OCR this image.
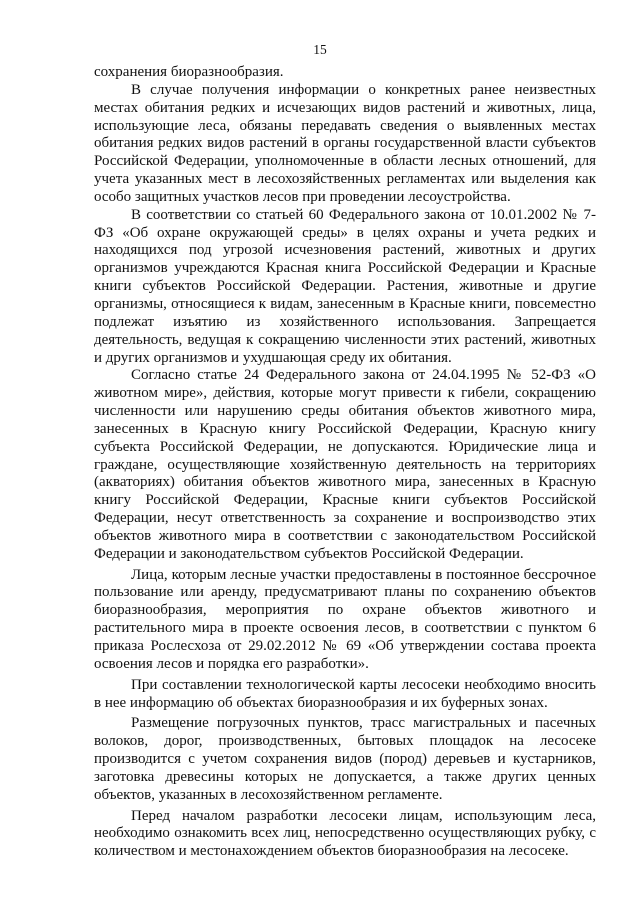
15

сохранения биоразнообразия.

В случае получения информации о конкретных ранее неизвестных местах обитания редких и исчезающих видов растений и животных, лица, использующие леса, обязаны передавать сведения о выявленных местах обитания редких видов растений в органы государственной власти субъектов Российской Федерации, уполномоченные в области лесных отношений, для учета указанных мест в лесохозяйственных регламентах или выделения как особо защитных участков лесов при проведении лесоустройства.

В соответствии со статьей 60 Федерального закона от 10.01.2002 № 7-ФЗ «Об охране окружающей среды» в целях охраны и учета редких и находящихся под угрозой исчезновения растений, животных и других организмов учреждаются Красная книга Российской Федерации и Красные книги субъектов Российской Федерации. Растения, животные и другие организмы, относящиеся к видам, занесенным в Красные книги, повсеместно подлежат изъятию из хозяйственного использования. Запрещается деятельность, ведущая к сокращению численности этих растений, животных и других организмов и ухудшающая среду их обитания.

Согласно статье 24 Федерального закона от 24.04.1995 № 52-ФЗ «О животном мире», действия, которые могут привести к гибели, сокращению численности или нарушению среды обитания объектов животного мира, занесенных в Красную книгу Российской Федерации, Красную книгу субъекта Российской Федерации, не допускаются. Юридические лица и граждане, осуществляющие хозяйственную деятельность на территориях (акваториях) обитания объектов животного мира, занесенных в Красную книгу Российской Федерации, Красные книги субъектов Российской Федерации, несут ответственность за сохранение и воспроизводство этих объектов животного мира в соответствии с законодательством Российской Федерации и законодательством субъектов Российской Федерации.

Лица, которым лесные участки предоставлены в постоянное бессрочное пользование или аренду, предусматривают планы по сохранению объектов биоразнообразия, мероприятия по охране объектов животного и растительного мира в проекте освоения лесов, в соответствии с пунктом 6 приказа Рослесхоза от 29.02.2012 № 69 «Об утверждении состава проекта освоения лесов и порядка его разработки».

При составлении технологической карты лесосеки необходимо вносить в нее информацию об объектах биоразнообразия и их буферных зонах.

Размещение погрузочных пунктов, трасс магистральных и пасечных волоков, дорог, производственных, бытовых площадок на лесосеке производится с учетом сохранения видов (пород) деревьев и кустарников, заготовка древесины которых не допускается, а также других ценных объектов, указанных в лесохозяйственном регламенте.

Перед началом разработки лесосеки лицам, использующим леса, необходимо ознакомить всех лиц, непосредственно осуществляющих рубку, с количеством и местонахождением объектов биоразнообразия на лесосеке.
